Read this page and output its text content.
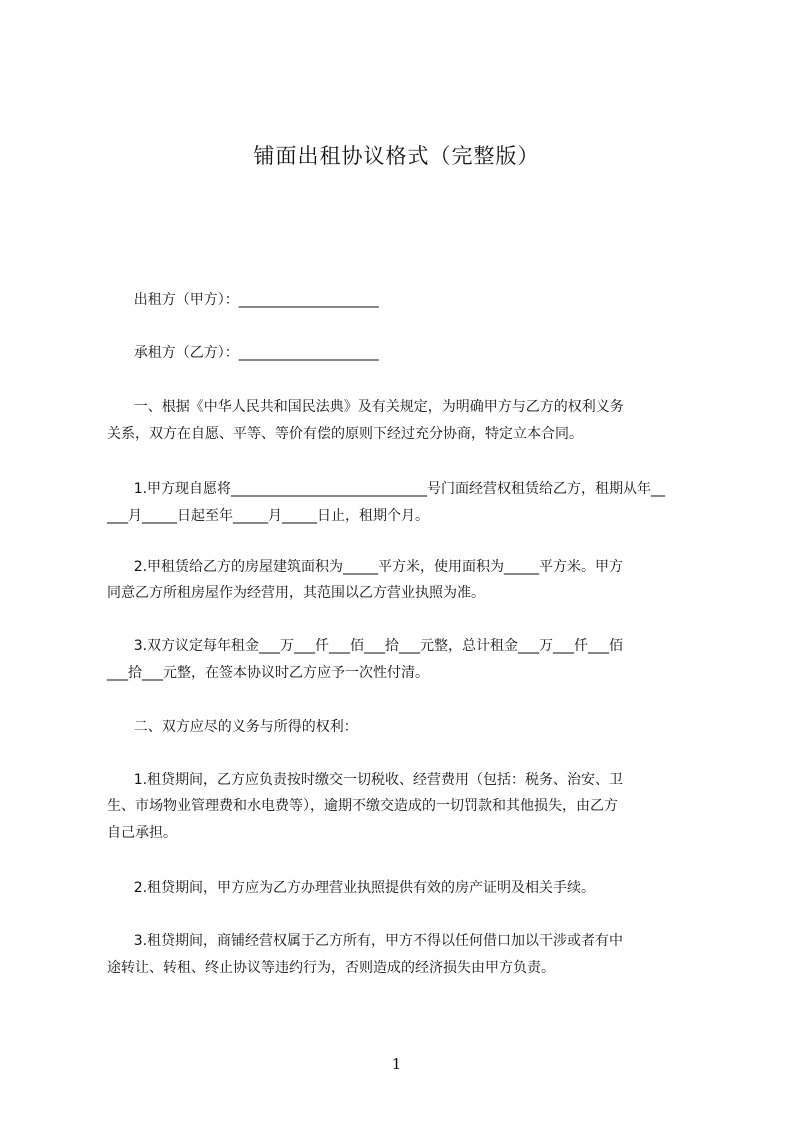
铺面出租协议格式（完整版）
出租方（甲方）：____________________
承租方（乙方）：____________________
一、根据《中华人民共和国民法典》及有关规定，为明确甲方与乙方的权利义务
关系，双方在自愿、平等、等价有偿的原则下经过充分协商，特定立本合同。
1.甲方现自愿将____________________________号门面经营权租赁给乙方，租期从年__
___月_____日起至年_____月_____日止，租期个月。
2.甲租赁给乙方的房屋建筑面积为_____平方米，使用面积为_____平方米。甲方
同意乙方所租房屋作为经营用，其范围以乙方营业执照为准。
3.双方议定每年租金___万___仟___佰___拾___元整，总计租金___万___仟___佰
___拾___元整，在签本协议时乙方应予一次性付清。
二、双方应尽的义务与所得的权利：
1.租贷期间，乙方应负责按时缴交一切税收、经营费用（包括：税务、治安、卫
生、市场物业管理费和水电费等），逾期不缴交造成的一切罚款和其他损失，由乙方
自己承担。
2.租贷期间，甲方应为乙方办理营业执照提供有效的房产证明及相关手续。
3.租贷期间，商铺经营权属于乙方所有，甲方不得以任何借口加以干涉或者有中
途转让、转租、终止协议等违约行为，否则造成的经济损失由甲方负责。
1
